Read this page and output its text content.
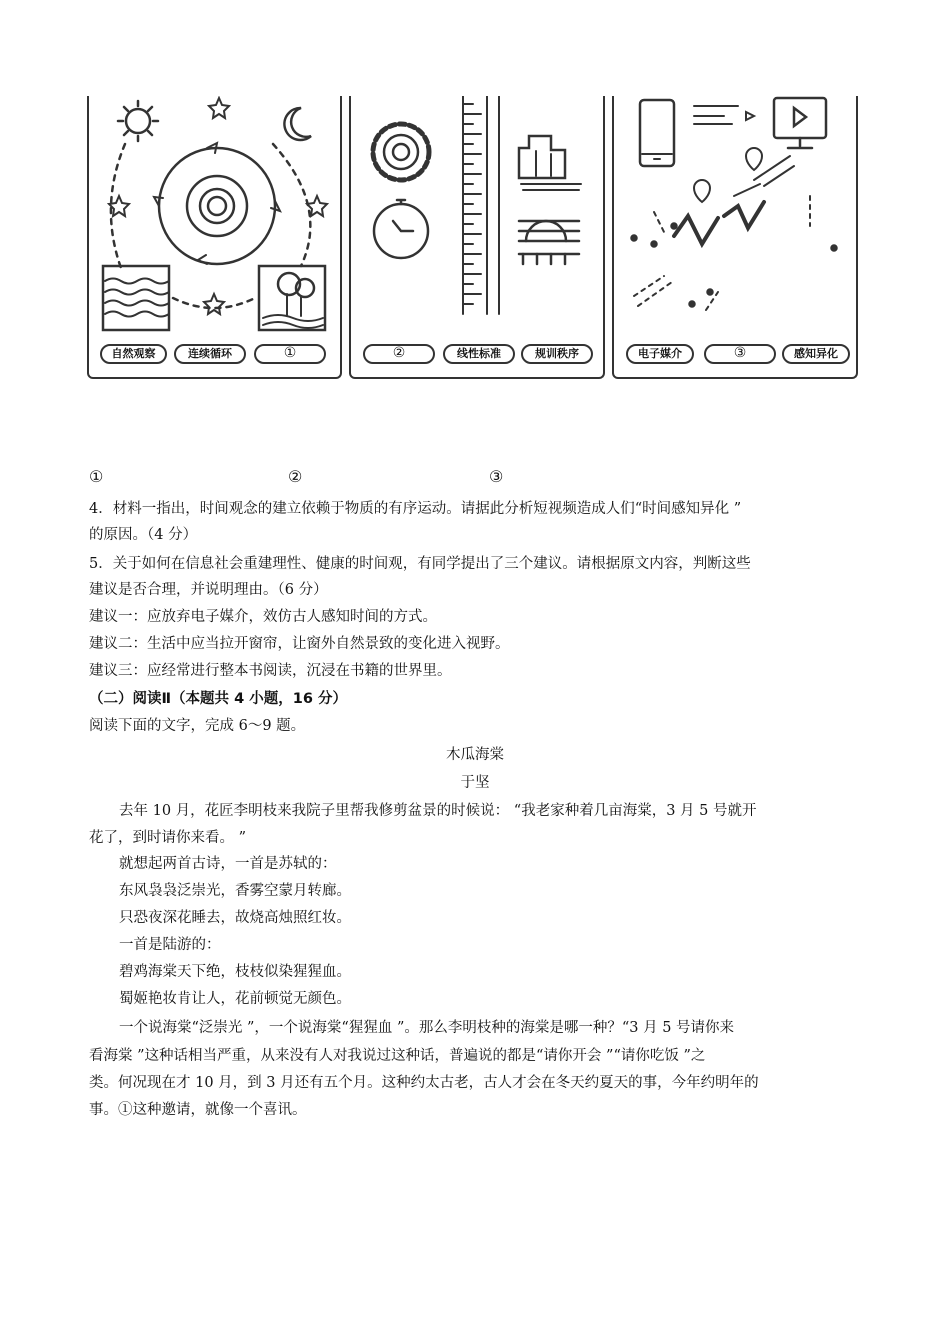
自然观察	连续循环	①	②	线性标准	规训秩序	电子媒介	③	感知异化
①	②	③
4．材料一指出，时间观念的建立依赖于物质的有序运动。请据此分析短视频造成人们“时间感知异化 ”
的原因。（4 分）
5．关于如何在信息社会重建理性、健康的时间观，有同学提出了三个建议。请根据原文内容，判断这些
建议是否合理，并说明理由。（6 分）
建议一：应放弃电子媒介，效仿古人感知时间的方式。
建议二：生活中应当拉开窗帘，让窗外自然景致的变化进入视野。
建议三：应经常进行整本书阅读，沉浸在书籍的世界里。
（二）阅读Ⅱ（本题共 4 小题，16 分）
阅读下面的文字，完成 6～9 题。
木瓜海棠
于坚
去年 10 月，花匠李明枝来我院子里帮我修剪盆景的时候说： “我老家种着几亩海棠，3 月 5 号就开
花了，到时请你来看。 ”
就想起两首古诗，一首是苏轼的：
东风袅袅泛崇光，香雾空蒙月转廊。
只恐夜深花睡去，故烧高烛照红妆。
一首是陆游的：
碧鸡海棠天下绝，枝枝似染猩猩血。
蜀姬艳妆肯让人，花前顿觉无颜色。
一个说海棠“泛崇光 ”，一个说海棠“猩猩血 ”。那么李明枝种的海棠是哪一种？“3 月 5 号请你来
看海棠 ”这种话相当严重，从来没有人对我说过这种话，普遍说的都是“请你开会 ”“请你吃饭 ”之
类。何况现在才 10 月，到 3 月还有五个月。这种约太古老，古人才会在冬天约夏天的事，今年约明年的
事。①这种邀请，就像一个喜讯。
